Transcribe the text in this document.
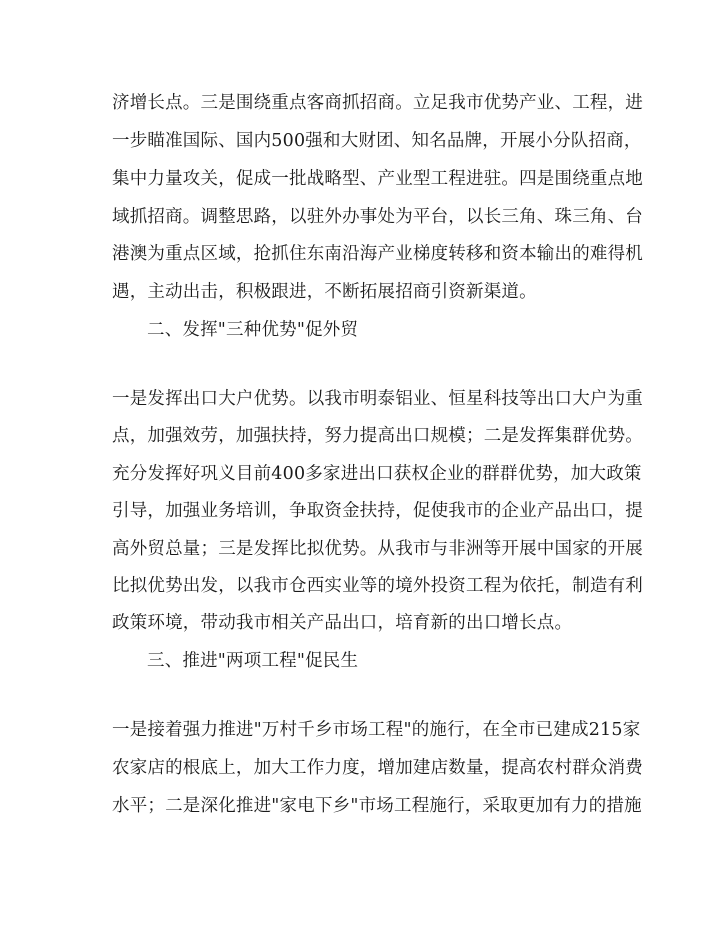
济增长点。三是围绕重点客商抓招商。立足我市优势产业、工程，进
一步瞄准国际、国内500强和大财团、知名品牌，开展小分队招商，
集中力量攻关，促成一批战略型、产业型工程进驻。四是围绕重点地
域抓招商。调整思路，以驻外办事处为平台，以长三角、珠三角、台
港澳为重点区域，抢抓住东南沿海产业梯度转移和资本输出的难得机
遇，主动出击，积极跟进，不断拓展招商引资新渠道。
二、发挥"三种优势"促外贸
一是发挥出口大户优势。以我市明泰铝业、恒星科技等出口大户为重
点，加强效劳，加强扶持，努力提高出口规模；二是发挥集群优势。
充分发挥好巩义目前400多家进出口获权企业的群群优势，加大政策
引导，加强业务培训，争取资金扶持，促使我市的企业产品出口，提
高外贸总量；三是发挥比拟优势。从我市与非洲等开展中国家的开展
比拟优势出发，以我市仓西实业等的境外投资工程为依托，制造有利
政策环境，带动我市相关产品出口，培育新的出口增长点。
三、推进"两项工程"促民生
一是接着强力推进"万村千乡市场工程"的施行，在全市已建成215家
农家店的根底上，加大工作力度，增加建店数量，提高农村群众消费
水平；二是深化推进"家电下乡"市场工程施行，采取更加有力的措施
